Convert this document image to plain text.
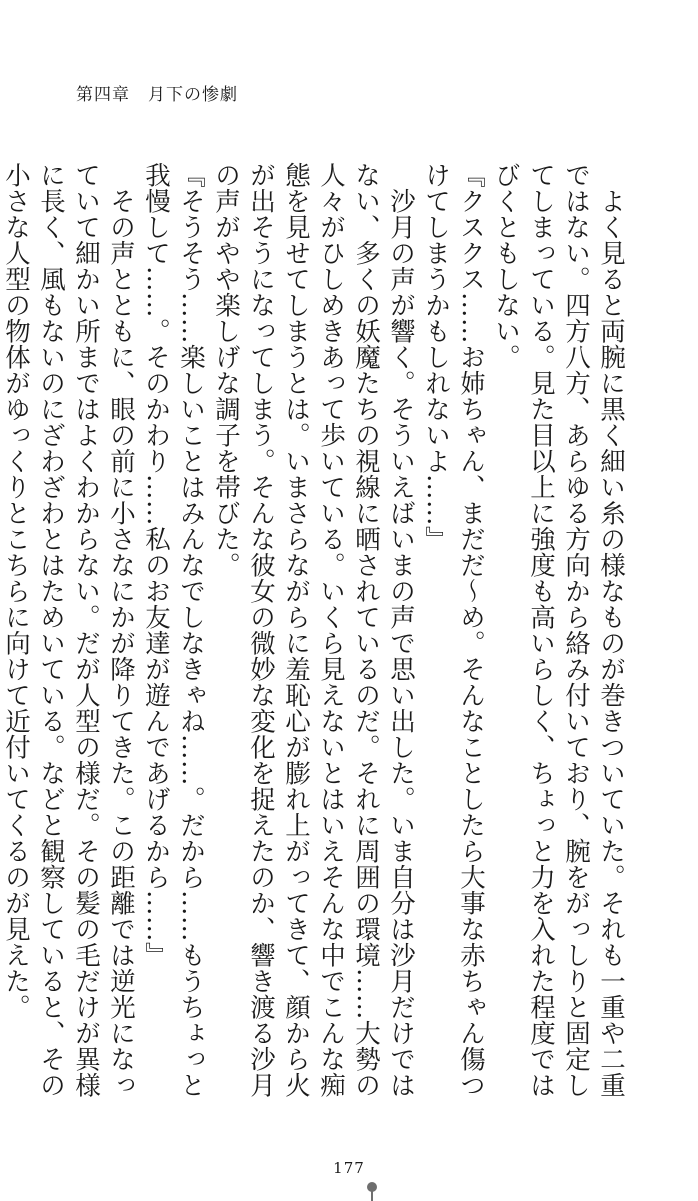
第四章　月下の惨劇

よく見ると両腕に黒く細い糸の様なものが巻きついていた。それも一重や二重ではない。四方八方、あらゆる方向から絡み付いており、腕をがっしりと固定してしまっている。見た目以上に強度も高いらしく、ちょっと力を入れた程度ではびくともしない。

『クスクス……お姉ちゃん、まだだ～め。そんなことしたら大事な赤ちゃん傷つけてしまうかもしれないよ……』

沙月の声が響く。そういえばいまの声で思い出した。いま自分は沙月だけではない、多くの妖魔たちの視線に晒されているのだ。それに周囲の環境……大勢の人々がひしめきあって歩いている。いくら見えないとはいえそんな中でこんな痴態を見せてしまうとは。いまさらながらに羞恥心が膨れ上がってきて、顔から火が出そうになってしまう。そんな彼女の微妙な変化を捉えたのか、響き渡る沙月の声がやや楽しげな調子を帯びた。

『そうそう……楽しいことはみんなでしなきゃね……。だから……もうちょっと我慢して……。そのかわり……私のお友達が遊んであげるから……』

その声とともに、眼の前に小さなにかが降りてきた。この距離では逆光になっていて細かい所まではよくわからない。だが人型の様だ。その髪の毛だけが異様に長く、風もないのにざわざわとはためいている。などと観察していると、その小さな人型の物体がゆっくりとこちらに向けて近付いてくるのが見えた。

177
